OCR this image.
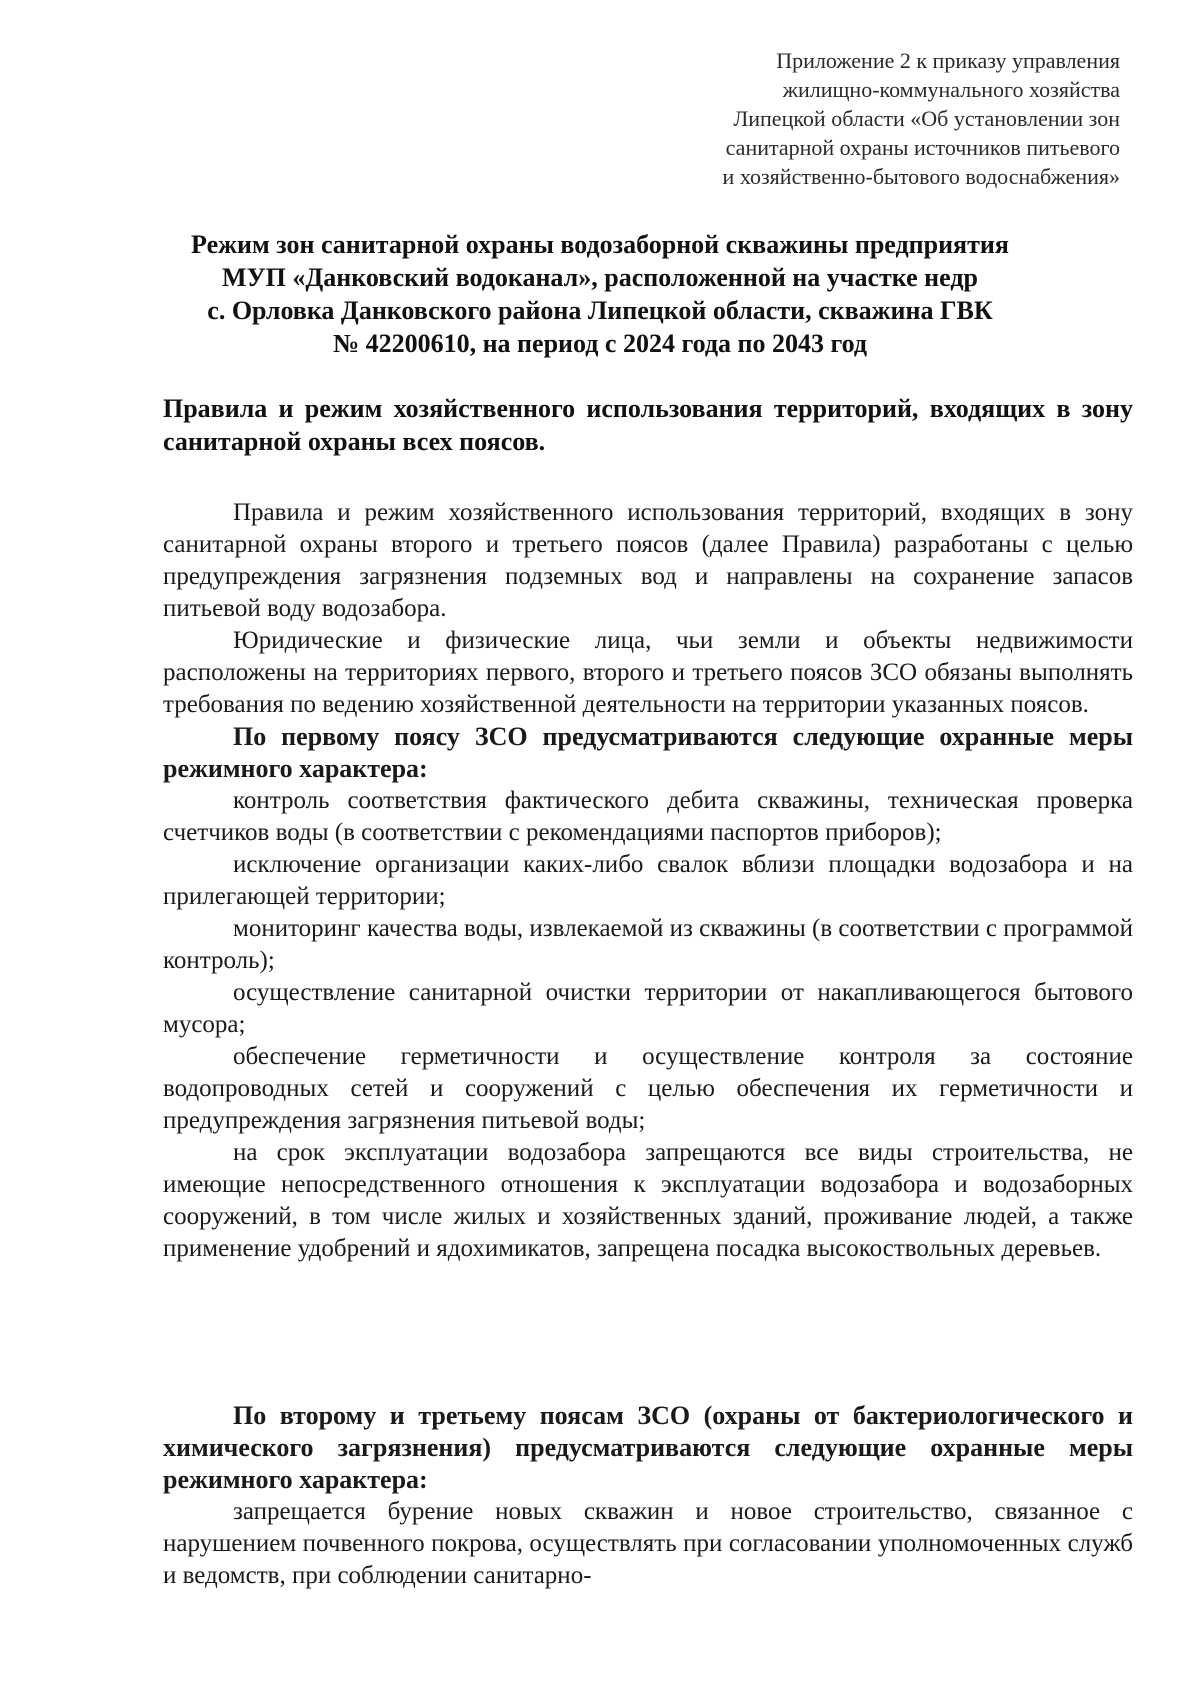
Приложение 2 к приказу управления
жилищно-коммунального хозяйства
Липецкой области «Об установлении зон
санитарной охраны источников питьевого
и хозяйственно-бытового водоснабжения»
Режим зон санитарной охраны водозаборной скважины предприятия
МУП «Данковский водоканал», расположенной на участке недр
с. Орловка Данковского района Липецкой области, скважина ГВК
№ 42200610, на период с 2024 года по 2043 год
Правила и режим хозяйственного использования территорий, входящих в зону санитарной охраны всех поясов.

Правила и режим хозяйственного использования территорий, входящих в зону санитарной охраны второго и третьего поясов (далее Правила) разработаны с целью предупреждения загрязнения подземных вод и направлены на сохранение запасов питьевой воду водозабора.

Юридические и физические лица, чьи земли и объекты недвижимости расположены на территориях первого, второго и третьего поясов ЗСО обязаны выполнять требования по ведению хозяйственной деятельности на территории указанных поясов.

По первому поясу ЗСО предусматриваются следующие охранные меры режимного характера:

контроль соответствия фактического дебита скважины, техническая проверка счетчиков воды (в соответствии с рекомендациями паспортов приборов);

исключение организации каких-либо свалок вблизи площадки водозабора и на прилегающей территории;

мониторинг качества воды, извлекаемой из скважины (в соответствии с программой контроль);

осуществление санитарной очистки территории от накапливающегося бытового мусора;

обеспечение герметичности и осуществление контроля за состояние водопроводных сетей и сооружений с целью обеспечения их герметичности и предупреждения загрязнения питьевой воды;

на срок эксплуатации водозабора запрещаются все виды строительства, не имеющие непосредственного отношения к эксплуатации водозабора и водозаборных сооружений, в том числе жилых и хозяйственных зданий, проживание людей, а также применение удобрений и ядохимикатов, запрещена посадка высокоствольных деревьев.

По второму и третьему поясам ЗСО (охраны от бактериологического и химического загрязнения) предусматриваются следующие охранные меры режимного характера:

запрещается бурение новых скважин и новое строительство, связанное с нарушением почвенного покрова, осуществлять при согласовании уполномоченных служб и ведомств, при соблюдении санитарно-
